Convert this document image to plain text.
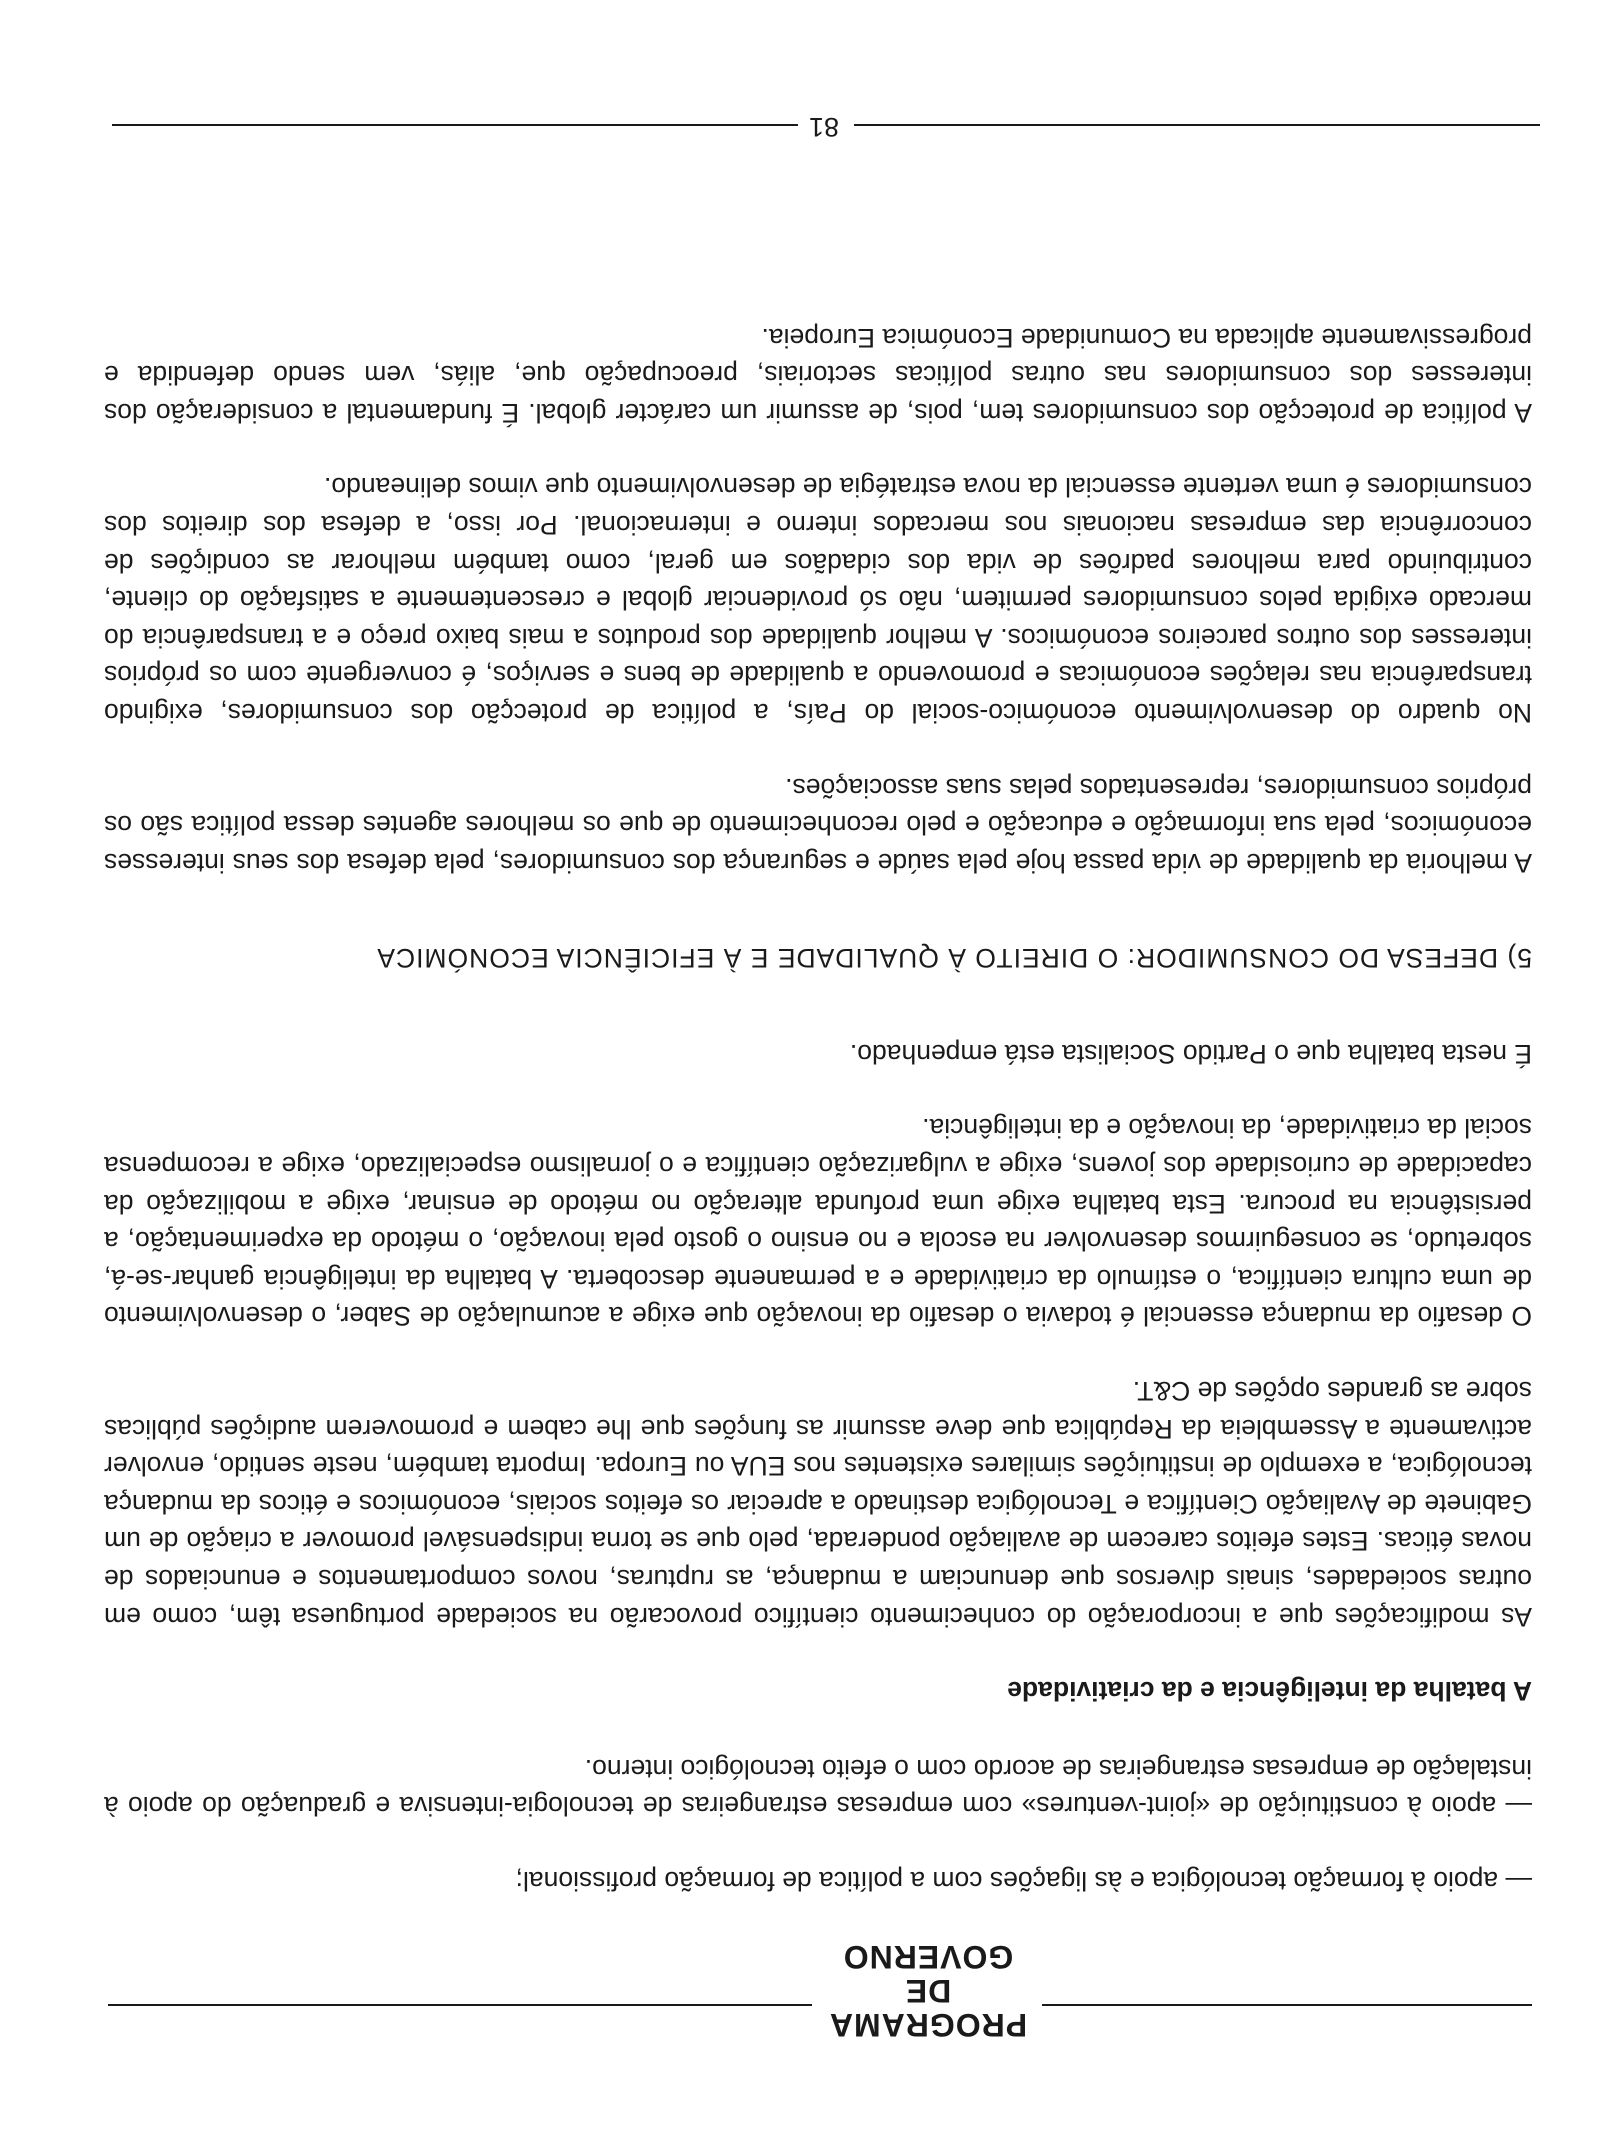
PROGRAMA
DE GOVERNO

— apoio à formação tecnológica e às ligações com a política de formação profissional;

— apoio à constituição de «joint-ventures» com empresas estrangeiras de tecnologia-intensiva e graduação do apoio à instalação de empresas estrangeiras de acordo com o efeito tecnológico interno.

A batalha da inteligência e da criatividade

As modificações que a incorporação do conhecimento científico provocarão na sociedade portuguesa têm, como em outras sociedades, sinais diversos que denunciam a mudança, as rupturas, novos comportamentos e enunciados de novas éticas. Estes efeitos carecem de avaliação ponderada, pelo que se torna indispensável promover a criação de um Gabinete de Avaliação Científica e Tecnológica destinado a apreciar os efeitos sociais, económicos e éticos da mudança tecnológica, a exemplo de instituições similares existentes nos EUA ou Europa. Importa também, neste sentido, envolver activamente a Assembleia da República que deve assumir as funções que lhe cabem e promoverem audições públicas sobre as grandes opções de C&T.

O desafio da mudança essencial é todavia o desafio da inovação que exige a acumulação de Saber, o desenvolvimento de uma cultura científica, o estímulo da criatividade e a permanente descoberta. A batalha da inteligência ganhar-se-á, sobretudo, se conseguirmos desenvolver na escola e no ensino o gosto pela inovação, o método da experimentação, a persistência na procura. Esta batalha exige uma profunda alteração no método de ensinar, exige a mobilização da capacidade de curiosidade dos jovens, exige a vulgarização científica e o jornalismo especializado, exige a recompensa social da criatividade, da inovação e da inteligência.

É nesta batalha que o Partido Socialista está empenhado.

5) DEFESA DO CONSUMIDOR: O DIREITO À QUALIDADE E À EFICIÊNCIA ECONÓMICA

A melhoria da qualidade de vida passa hoje pela saúde e segurança dos consumidores, pela defesa dos seus interesses económicos, pela sua informação e educação e pelo reconhecimento de que os melhores agentes dessa política são os próprios consumidores, representados pelas suas associações.

No quadro do desenvolvimento económico-social do País, a política de protecção dos consumidores, exigindo transparência nas relações económicas e promovendo a qualidade de bens e serviços, é convergente com os próprios interesses dos outros parceiros económicos. A melhor qualidade dos produtos a mais baixo preço e a transparência do mercado exigida pelos consumidores permitem, não só providenciar global e crescentemente a satisfação do cliente, contribuindo para melhores padrões de vida dos cidadãos em geral, como também melhorar as condições de concorrência das empresas nacionais nos mercados interno e internacional. Por isso, a defesa dos direitos dos consumidores é uma vertente essencial da nova estratégia de desenvolvimento que vimos delineando.

A política de protecção dos consumidores tem, pois, de assumir um carácter global. É fundamental a consideração dos interesses dos consumidores nas outras políticas sectoriais, preocupação que, aliás, vem sendo defendida e progressivamente aplicada na Comunidade Económica Europeia.

81
